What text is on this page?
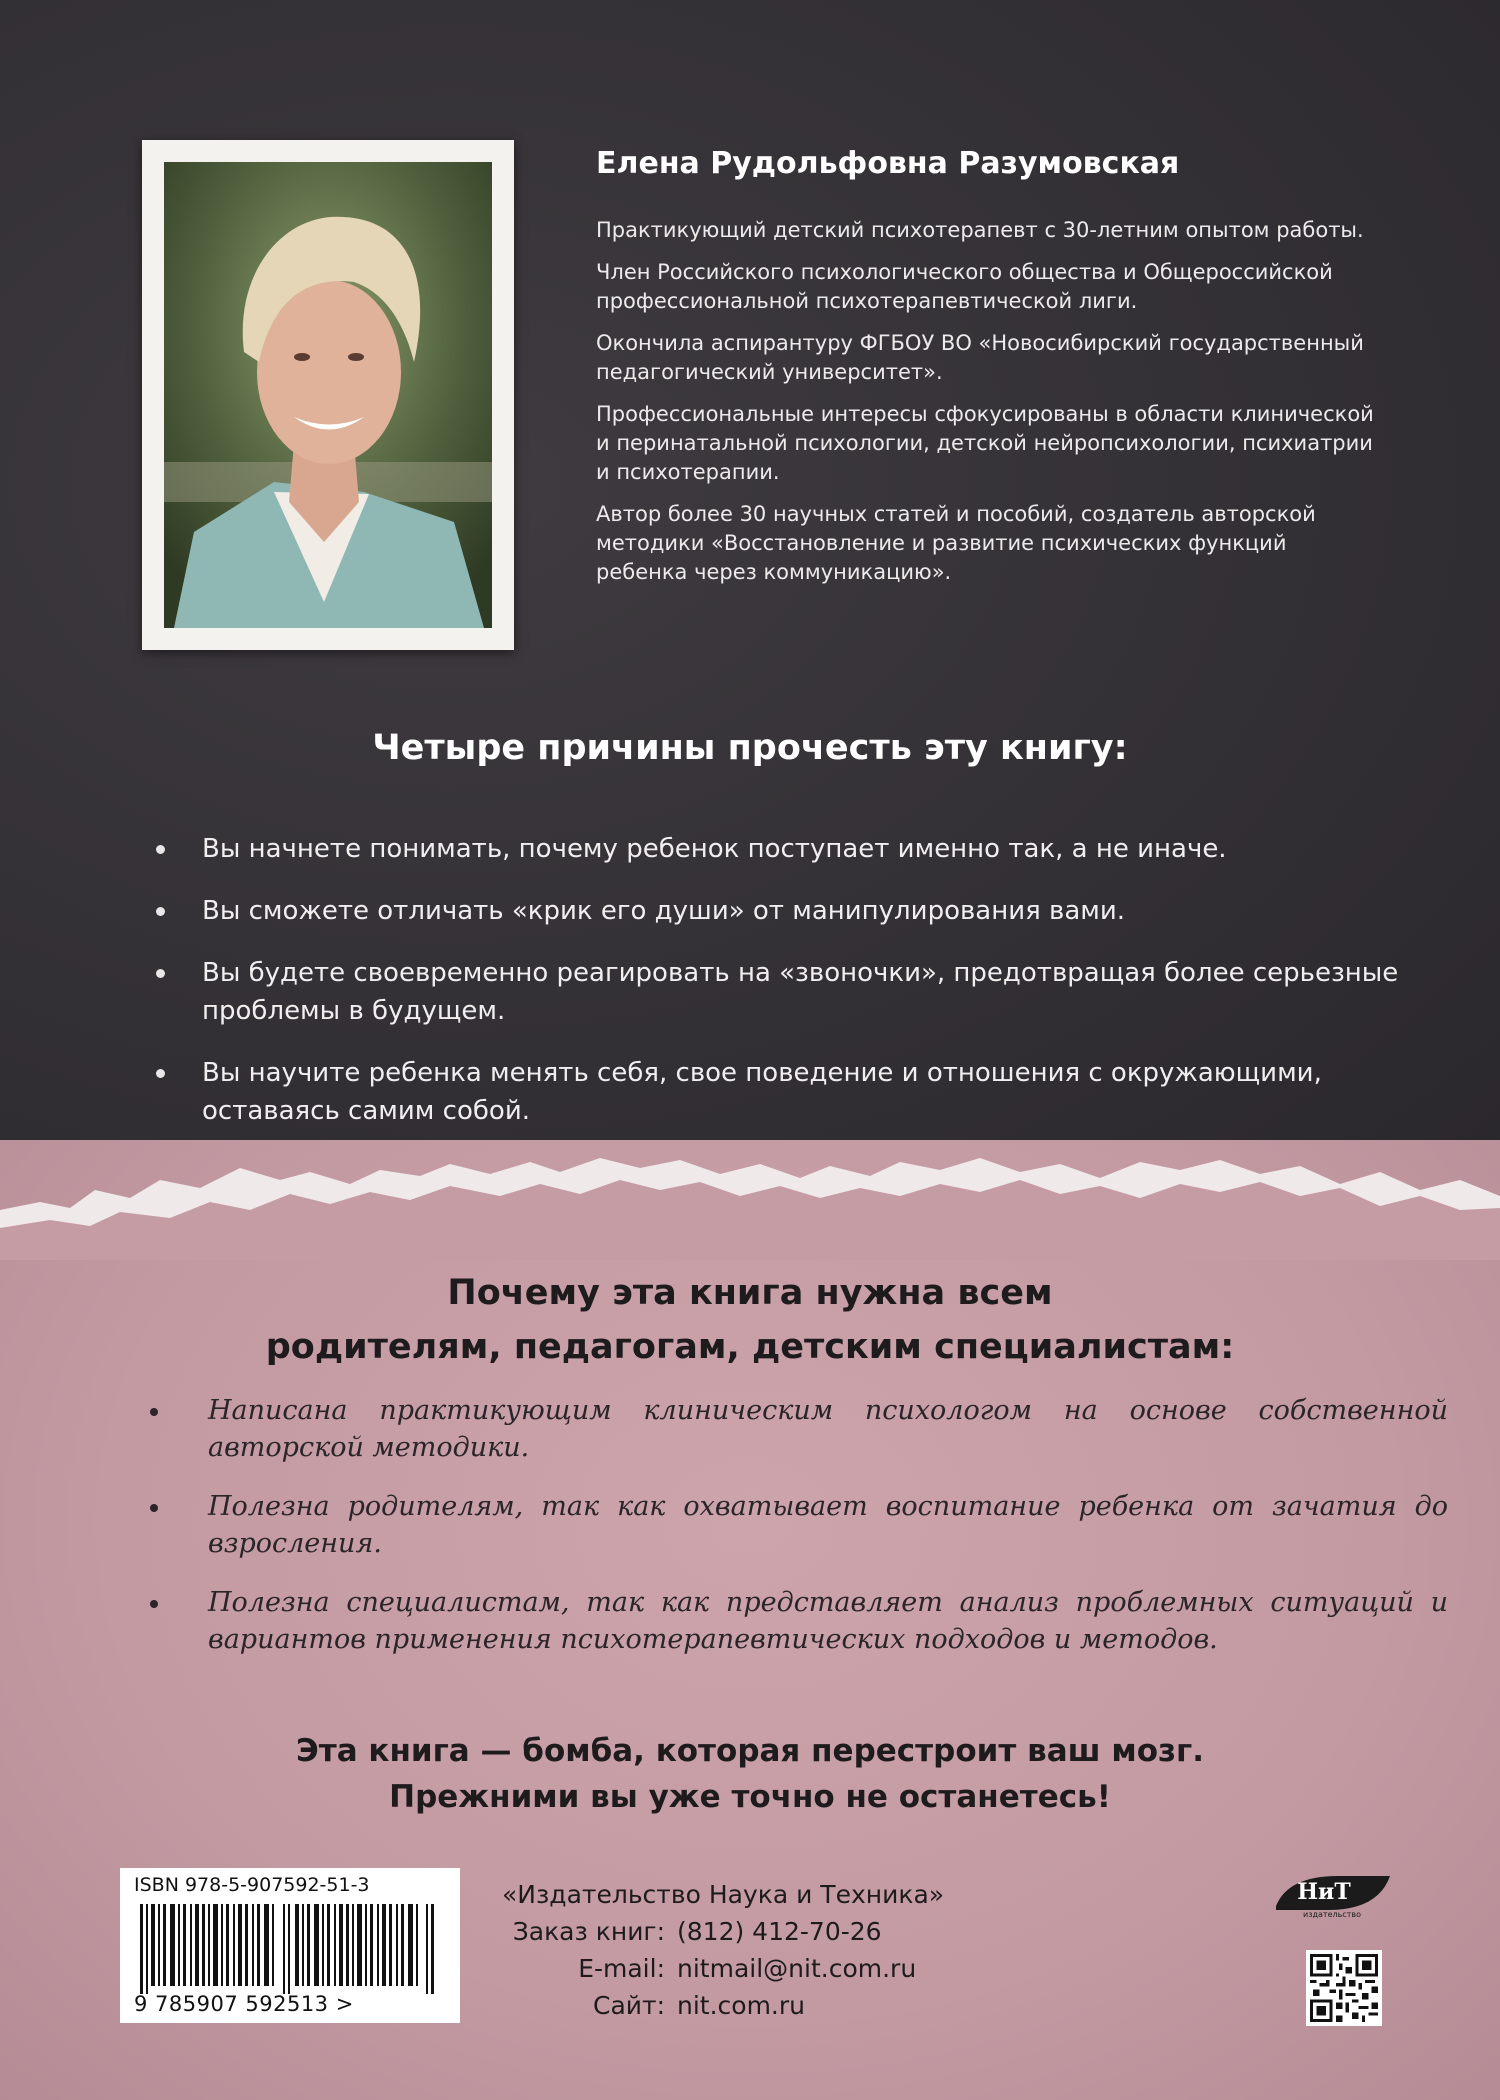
Елена Рудольфовна Разумовская

Практикующий детский психотерапевт с 30-летним опытом работы.

Член Российского психологического общества и Общероссийской профессиональной психотерапевтической лиги.

Окончила аспирантуру ФГБОУ ВО «Новосибирский государственный педагогический университет».

Профессиональные интересы сфокусированы в области клинической и перинатальной психологии, детской нейропсихологии, психиатрии и психотерапии.

Автор более 30 научных статей и пособий, создатель авторской методики «Восстановление и развитие психических функций ребенка через коммуникацию».

Четыре причины прочесть эту книгу:
Вы начнете понимать, почему ребенок поступает именно так, а не иначе.
Вы сможете отличать «крик его души» от манипулирования вами.
Вы будете своевременно реагировать на «звоночки», предотвращая более серьезные проблемы в будущем.
Вы научите ребенка менять себя, свое поведение и отношения с окружающими, оставаясь самим собой.
Почему эта книга нужна всем
родителям, педагогам, детским специалистам:
Написана практикующим клиническим психологом на основе собственной авторской методики.
Полезна родителям, так как охватывает воспитание ребенка от зачатия до взросления.
Полезна специалистам, так как представляет анализ проблемных ситуаций и вариантов применения психотерапевтических подходов и методов.
Эта книга — бомба, которая перестроит ваш мозг.
Прежними вы уже точно не останетесь!
ISBN 978-5-907592-51-3
9 785907 592513 >
«Издательство Наука и Техника»
Заказ книг: (812) 412-70-26
E-mail: nitmail@nit.com.ru
Сайт: nit.com.ru
НиТ
издательство
